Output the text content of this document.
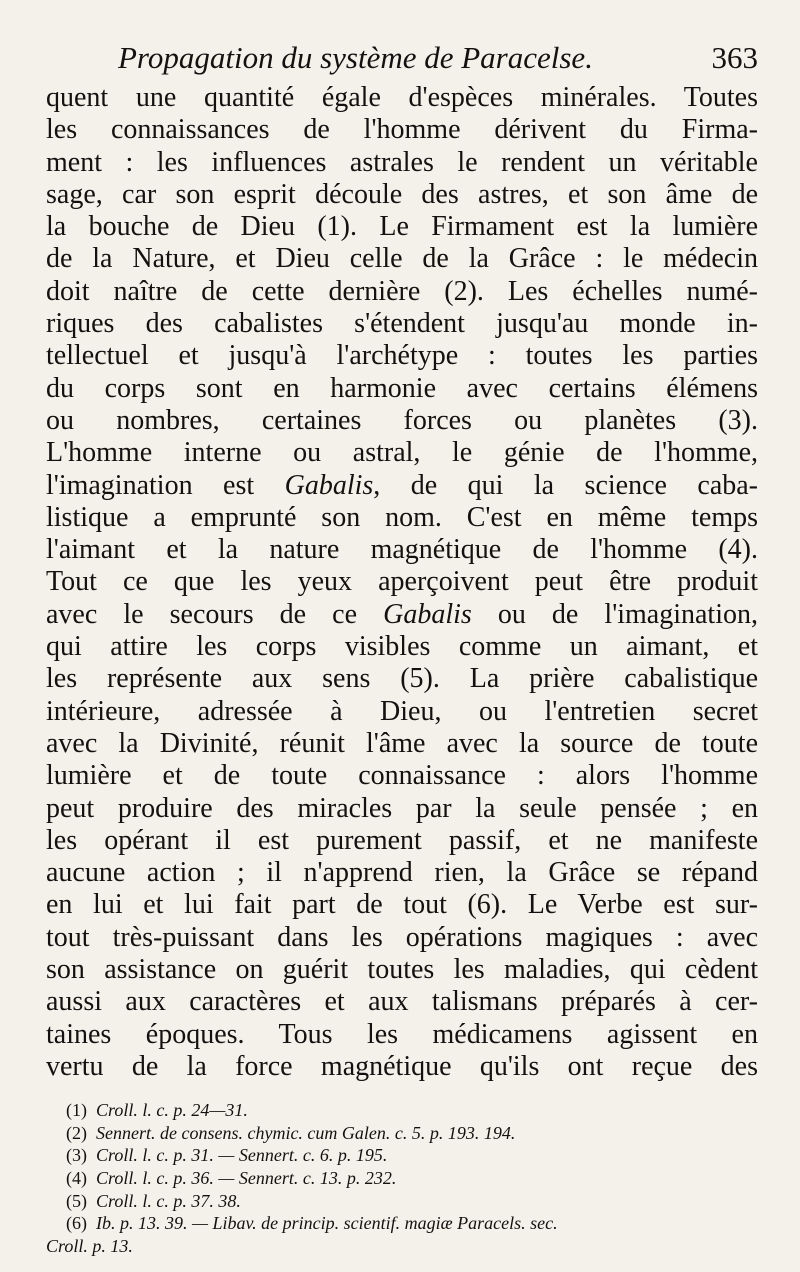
Propagation du système de Paracelse.	363
quent une quantité égale d'espèces minérales. Toutes
les connaissances de l'homme dérivent du Firma-
ment : les influences astrales le rendent un véritable
sage, car son esprit découle des astres, et son âme de
la bouche de Dieu (1). Le Firmament est la lumière
de la Nature, et Dieu celle de la Grâce : le médecin
doit naître de cette dernière (2). Les échelles numé-
riques des cabalistes s'étendent jusqu'au monde in-
tellectuel et jusqu'à l'archétype : toutes les parties
du corps sont en harmonie avec certains élémens
ou nombres, certaines forces ou planètes (3).
L'homme interne ou astral, le génie de l'homme,
l'imagination est Gabalis, de qui la science caba-
listique a emprunté son nom. C'est en même temps
l'aimant et la nature magnétique de l'homme (4).
Tout ce que les yeux aperçoivent peut être produit
avec le secours de ce Gabalis ou de l'imagination,
qui attire les corps visibles comme un aimant, et
les représente aux sens (5). La prière cabalistique
intérieure, adressée à Dieu, ou l'entretien secret
avec la Divinité, réunit l'âme avec la source de toute
lumière et de toute connaissance : alors l'homme
peut produire des miracles par la seule pensée ; en
les opérant il est purement passif, et ne manifeste
aucune action ; il n'apprend rien, la Grâce se répand
en lui et lui fait part de tout (6). Le Verbe est sur-
tout très-puissant dans les opérations magiques : avec
son assistance on guérit toutes les maladies, qui cèdent
aussi aux caractères et aux talismans préparés à cer-
taines époques. Tous les médicamens agissent en
vertu de la force magnétique qu'ils ont reçue des
(1) Croll. l. c. p. 24—31.
(2) Sennert. de consens. chymic. cum Galen. c. 5. p. 193. 194.
(3) Croll. l. c. p. 31. — Sennert. c. 6. p. 195.
(4) Croll. l. c. p. 36. — Sennert. c. 13. p. 232.
(5) Croll. l. c. p. 37. 38.
(6) Ib. p. 13. 39. — Libav. de princip. scientif. magiæ Paracels. sec.
Croll. p. 13.
